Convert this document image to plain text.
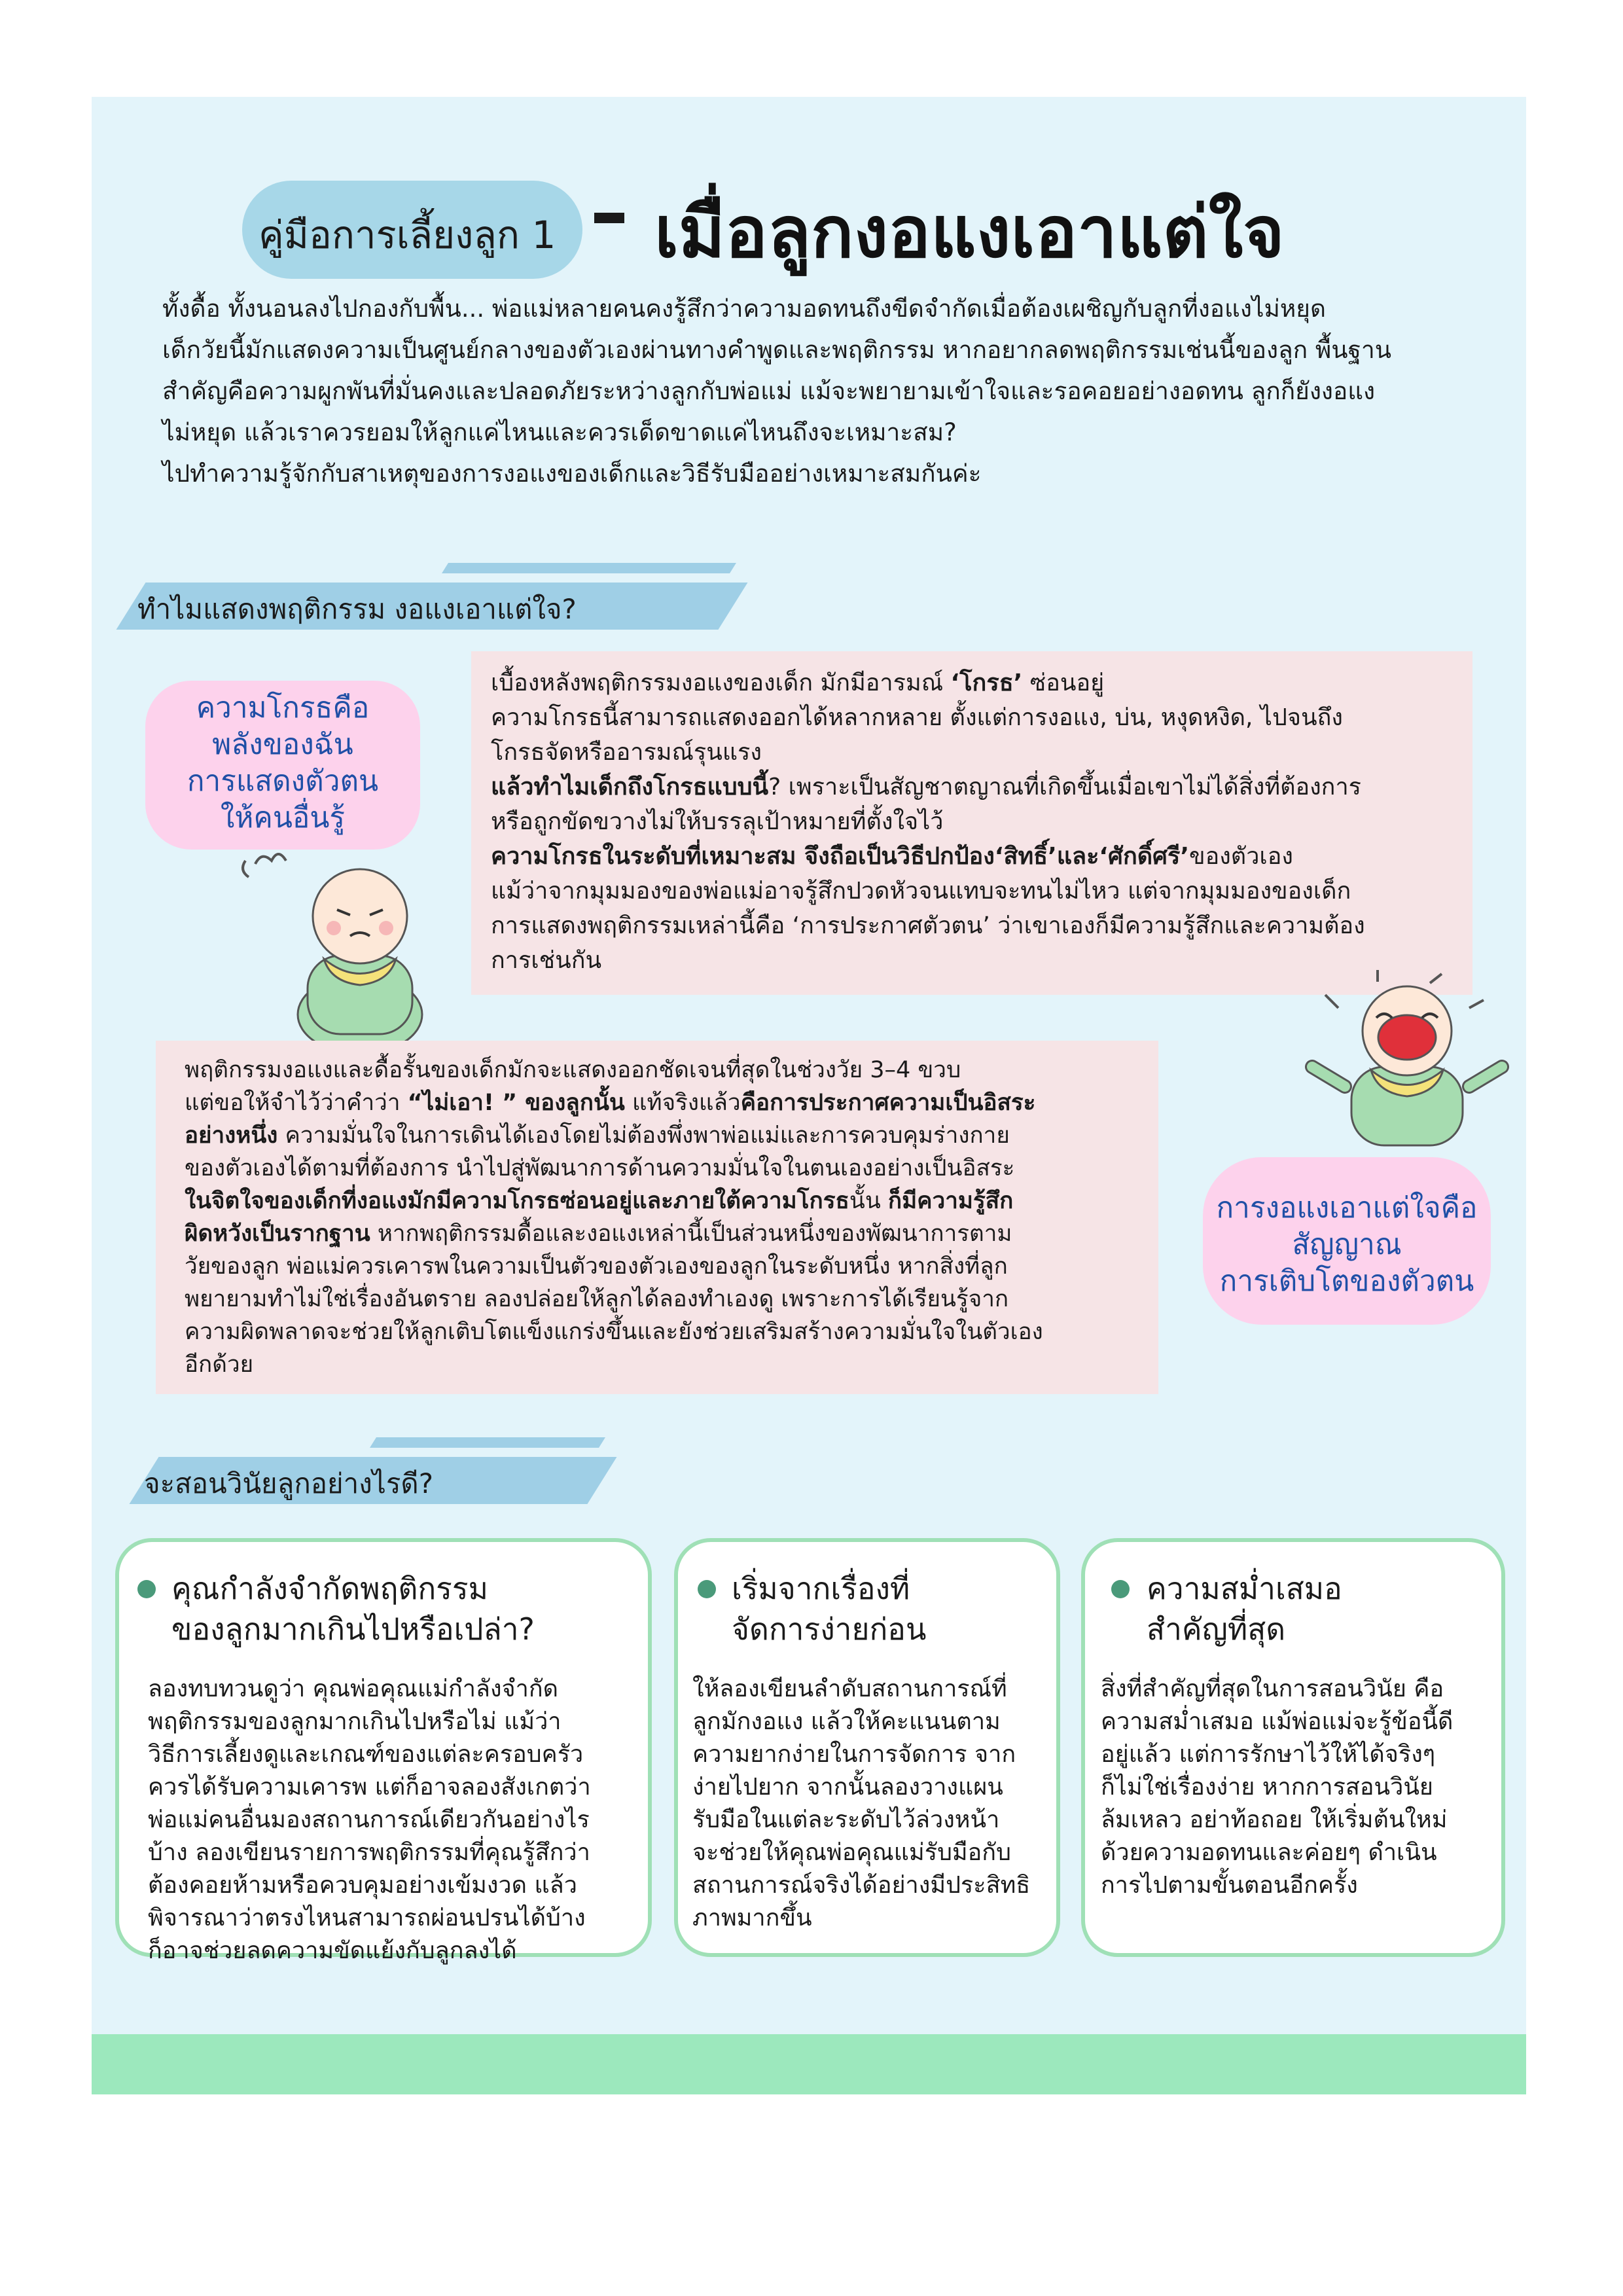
คู่มือการเลี้ยงลูก 1 เมื่อลูกงอแงเอาแต่ใจ

ทั้งดื้อ ทั้งนอนลงไปกองกับพื้น... พ่อแม่หลายคนคงรู้สึกว่าความอดทนถึงขีดจำกัดเมื่อต้องเผชิญกับลูกที่งอแงไม่หยุด

เด็กวัยนี้มักแสดงความเป็นศูนย์กลางของตัวเองผ่านทางคำพูดและพฤติกรรม หากอยากลดพฤติกรรมเช่นนี้ของลูก พื้นฐาน

สำคัญคือความผูกพันที่มั่นคงและปลอดภัยระหว่างลูกกับพ่อแม่ แม้จะพยายามเข้าใจและรอคอยอย่างอดทน ลูกก็ยังงอแง

ไม่หยุด แล้วเราควรยอมให้ลูกแค่ไหนและควรเด็ดขาดแค่ไหนถึงจะเหมาะสม?

ไปทำความรู้จักกับสาเหตุของการงอแงของเด็กและวิธีรับมืออย่างเหมาะสมกันค่ะ

ทำไมแสดงพฤติกรรม งอแงเอาแต่ใจ?
ความโกรธคือ
พลังของฉัน
การแสดงตัวตน
ให้คนอื่นรู้

เบื้องหลังพฤติกรรมงอแงของเด็ก มักมีอารมณ์ ‘โกรธ’ ซ่อนอยู่

ความโกรธนี้สามารถแสดงออกได้หลากหลาย ตั้งแต่การงอแง, บ่น, หงุดหงิด, ไปจนถึง

โกรธจัดหรืออารมณ์รุนแรง

แล้วทำไมเด็กถึงโกรธแบบนี้? เพราะเป็นสัญชาตญาณที่เกิดขึ้นเมื่อเขาไม่ได้สิ่งที่ต้องการ

หรือถูกขัดขวางไม่ให้บรรลุเป้าหมายที่ตั้งใจไว้

ความโกรธในระดับที่เหมาะสม จึงถือเป็นวิธีปกป้อง‘สิทธิ์’และ‘ศักดิ์ศรี’ของตัวเอง

แม้ว่าจากมุมมองของพ่อแม่อาจรู้สึกปวดหัวจนแทบจะทนไม่ไหว แต่จากมุมมองของเด็ก

การแสดงพฤติกรรมเหล่านี้คือ ‘การประกาศตัวตน’ ว่าเขาเองก็มีความรู้สึกและความต้อง

การเช่นกัน

พฤติกรรมงอแงและดื้อรั้นของเด็กมักจะแสดงออกชัดเจนที่สุดในช่วงวัย 3–4 ขวบ

แต่ขอให้จำไว้ว่าคำว่า “ไม่เอา! ” ของลูกนั้น แท้จริงแล้วคือการประกาศความเป็นอิสระ

อย่างหนึ่ง ความมั่นใจในการเดินได้เองโดยไม่ต้องพึ่งพาพ่อแม่และการควบคุมร่างกาย

ของตัวเองได้ตามที่ต้องการ นำไปสู่พัฒนาการด้านความมั่นใจในตนเองอย่างเป็นอิสระ

ในจิตใจของเด็กที่งอแงมักมีความโกรธซ่อนอยู่และภายใต้ความโกรธนั้น ก็มีความรู้สึก

ผิดหวังเป็นรากฐาน หากพฤติกรรมดื้อและงอแงเหล่านี้เป็นส่วนหนึ่งของพัฒนาการตาม

วัยของลูก พ่อแม่ควรเคารพในความเป็นตัวของตัวเองของลูกในระดับหนึ่ง หากสิ่งที่ลูก

พยายามทำไม่ใช่เรื่องอันตราย ลองปล่อยให้ลูกได้ลองทำเองดู เพราะการได้เรียนรู้จาก

ความผิดพลาดจะช่วยให้ลูกเติบโตแข็งแกร่งขึ้นและยังช่วยเสริมสร้างความมั่นใจในตัวเอง

อีกด้วย

การงอแงเอาแต่ใจคือ
สัญญาณ
การเติบโตของตัวตน
จะสอนวินัยลูกอย่างไรดี?
คุณกำลังจำกัดพฤติกรรม
ของลูกมากเกินไปหรือเปล่า?
ลองทบทวนดูว่า คุณพ่อคุณแม่กำลังจำกัด
พฤติกรรมของลูกมากเกินไปหรือไม่ แม้ว่า
วิธีการเลี้ยงดูและเกณฑ์ของแต่ละครอบครัว
ควรได้รับความเคารพ แต่ก็อาจลองสังเกตว่า
พ่อแม่คนอื่นมองสถานการณ์เดียวกันอย่างไร
บ้าง ลองเขียนรายการพฤติกรรมที่คุณรู้สึกว่า
ต้องคอยห้ามหรือควบคุมอย่างเข้มงวด แล้ว
พิจารณาว่าตรงไหนสามารถผ่อนปรนได้บ้าง
ก็อาจช่วยลดความขัดแย้งกับลูกลงได้
เริ่มจากเรื่องที่
จัดการง่ายก่อน
ให้ลองเขียนลำดับสถานการณ์ที่
ลูกมักงอแง แล้วให้คะแนนตาม
ความยากง่ายในการจัดการ จาก
ง่ายไปยาก จากนั้นลองวางแผน
รับมือในแต่ละระดับไว้ล่วงหน้า
จะช่วยให้คุณพ่อคุณแม่รับมือกับ
สถานการณ์จริงได้อย่างมีประสิทธิ
ภาพมากขึ้น
ความสม่ำเสมอ
สำคัญที่สุด
สิ่งที่สำคัญที่สุดในการสอนวินัย คือ
ความสม่ำเสมอ แม้พ่อแม่จะรู้ข้อนี้ดี
อยู่แล้ว แต่การรักษาไว้ให้ได้จริงๆ
ก็ไม่ใช่เรื่องง่าย หากการสอนวินัย
ล้มเหลว อย่าท้อถอย ให้เริ่มต้นใหม่
ด้วยความอดทนและค่อยๆ ดำเนิน
การไปตามขั้นตอนอีกครั้ง
